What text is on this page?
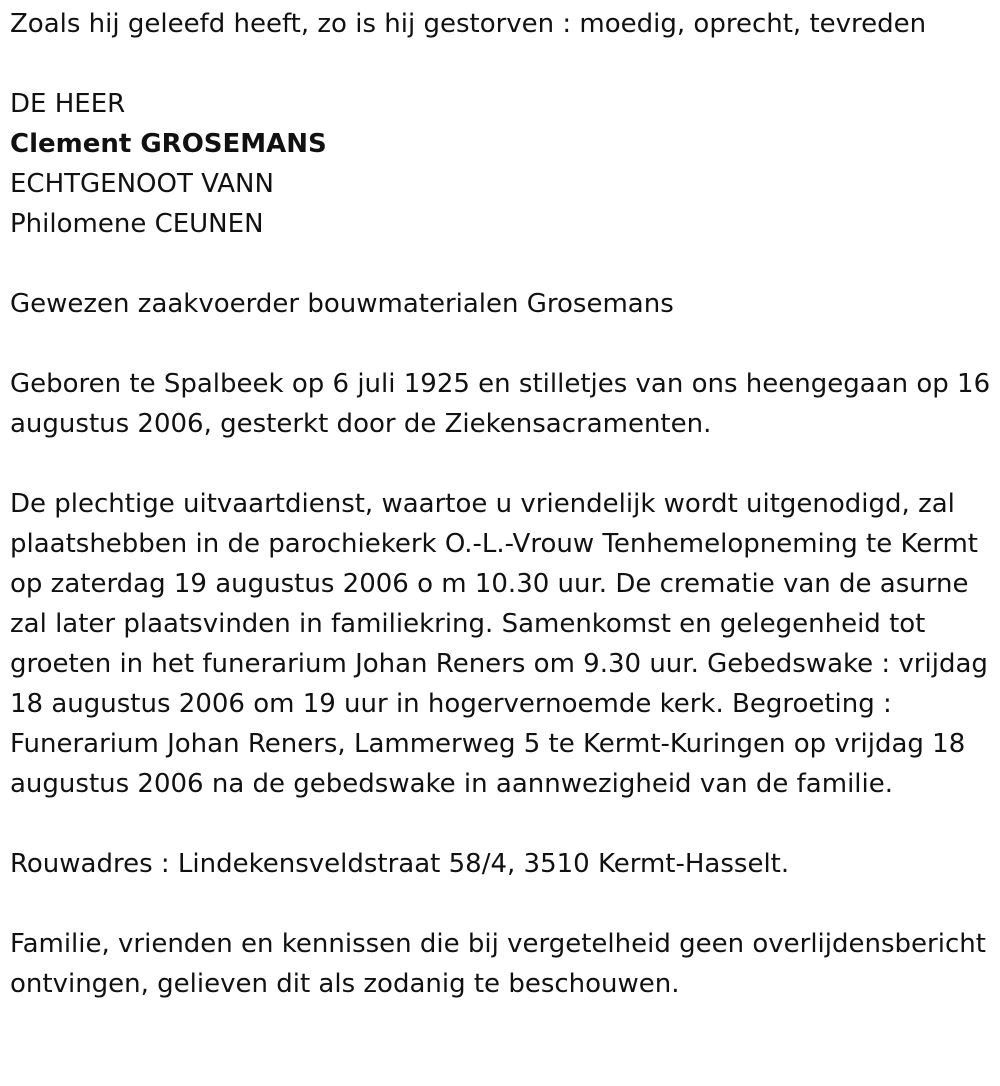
Zoals hij geleefd heeft, zo is hij gestorven : moedig, oprecht, tevreden

DE HEER

Clement GROSEMANS

ECHTGENOOT VANN

Philomene CEUNEN

Gewezen zaakvoerder bouwmaterialen Grosemans

Geboren te Spalbeek op 6 juli 1925 en stilletjes van ons heengegaan op 16 augustus 2006, gesterkt door de Ziekensacramenten.

De plechtige uitvaartdienst, waartoe u vriendelijk wordt uitgenodigd, zal plaatshebben in de parochiekerk O.-L.-Vrouw Tenhemelopneming te Kermt op zaterdag 19 augustus 2006 o m 10.30 uur. De crematie van de asurne zal later plaatsvinden in familiekring. Samenkomst en gelegenheid tot groeten in het funerarium Johan Reners om 9.30 uur. Gebedswake : vrijdag 18 augustus 2006 om 19 uur in hogervernoemde kerk. Begroeting : Funerarium Johan Reners, Lammerweg 5 te Kermt-Kuringen op vrijdag 18 augustus 2006 na de gebedswake in aannwezigheid van de familie.

Rouwadres : Lindekensveldstraat 58/4, 3510 Kermt-Hasselt.

Familie, vrienden en kennissen die bij vergetelheid geen overlijdensbericht ontvingen, gelieven dit als zodanig te beschouwen.
